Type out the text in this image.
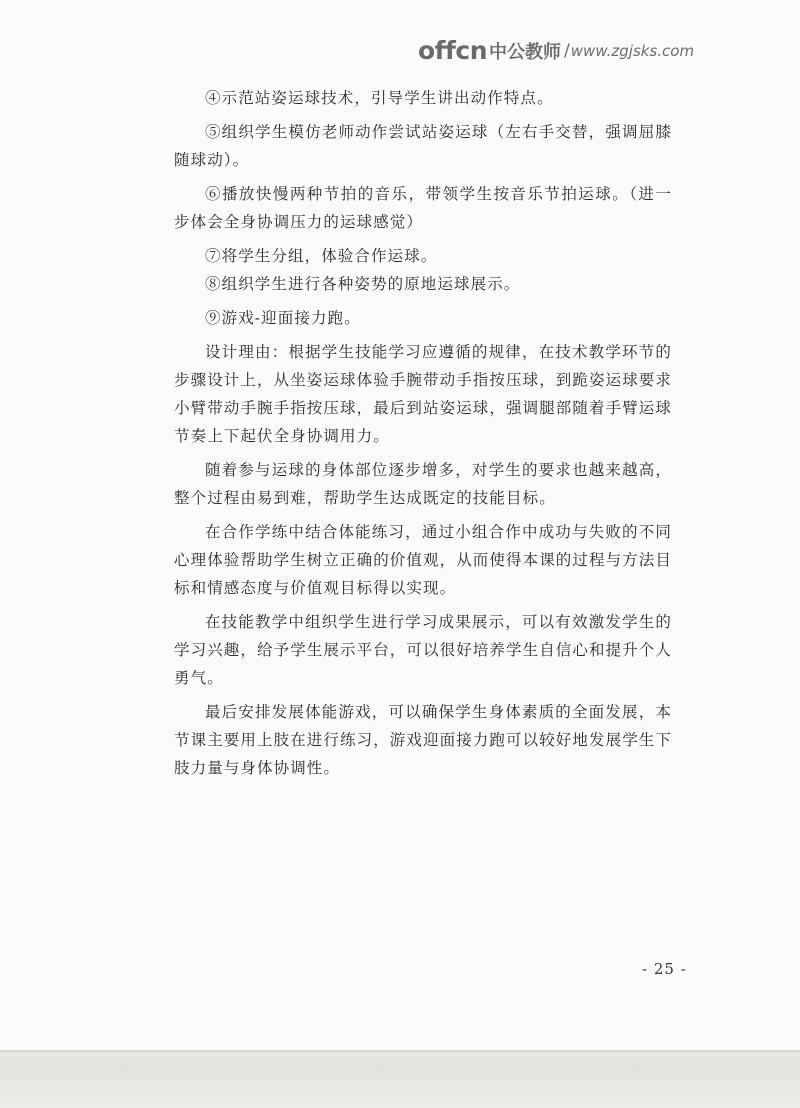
offcn 中公教师 / www.zgjsks.com

④示范站姿运球技术，引导学生讲出动作特点。

⑤组织学生模仿老师动作尝试站姿运球（左右手交替，强调屈膝随球动）。

⑥播放快慢两种节拍的音乐，带领学生按音乐节拍运球。（进一步体会全身协调压力的运球感觉）

⑦将学生分组，体验合作运球。

⑧组织学生进行各种姿势的原地运球展示。

⑨游戏-迎面接力跑。

设计理由：根据学生技能学习应遵循的规律，在技术教学环节的步骤设计上，从坐姿运球体验手腕带动手指按压球，到跪姿运球要求小臂带动手腕手指按压球，最后到站姿运球，强调腿部随着手臂运球节奏上下起伏全身协调用力。

随着参与运球的身体部位逐步增多，对学生的要求也越来越高，整个过程由易到难，帮助学生达成既定的技能目标。

在合作学练中结合体能练习，通过小组合作中成功与失败的不同心理体验帮助学生树立正确的价值观，从而使得本课的过程与方法目标和情感态度与价值观目标得以实现。

在技能教学中组织学生进行学习成果展示，可以有效激发学生的学习兴趣，给予学生展示平台，可以很好培养学生自信心和提升个人勇气。

最后安排发展体能游戏，可以确保学生身体素质的全面发展，本节课主要用上肢在进行练习，游戏迎面接力跑可以较好地发展学生下肢力量与身体协调性。

- 25 -
